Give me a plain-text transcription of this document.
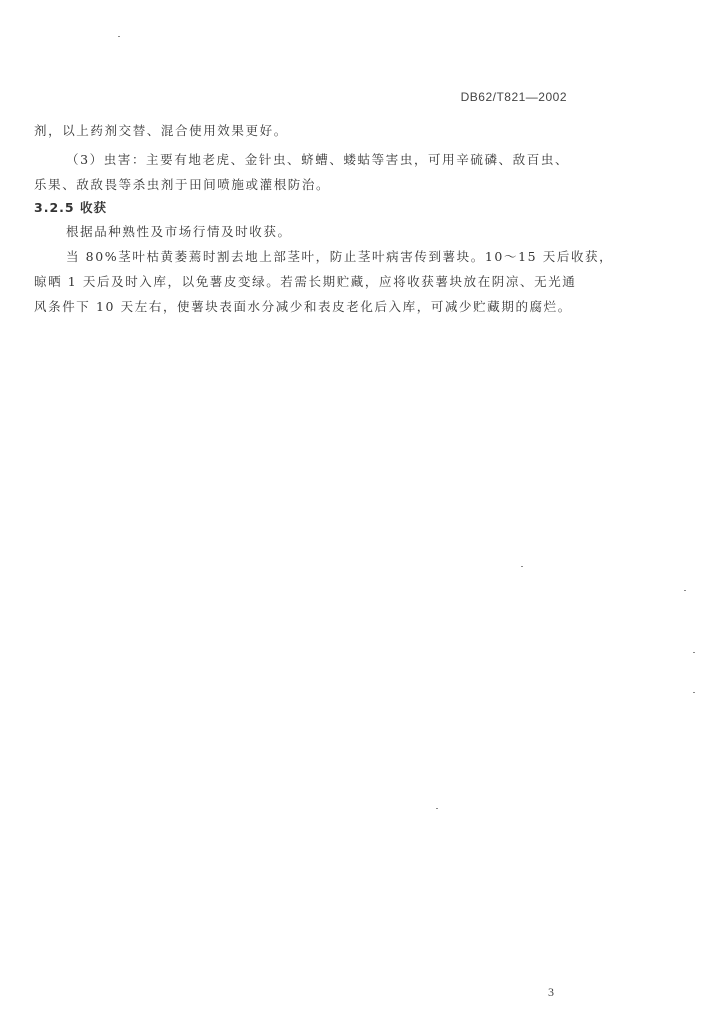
DB62/T821—2002
剂，以上药剂交替、混合使用效果更好。
（3）虫害：主要有地老虎、金针虫、蛴螬、蝼蛄等害虫，可用辛硫磷、敌百虫、
乐果、敌敌畏等杀虫剂于田间喷施或灌根防治。
3.2.5 收获
根据品种熟性及市场行情及时收获。
当 80%茎叶枯黄萎蔫时割去地上部茎叶，防止茎叶病害传到薯块。10～15 天后收获，
晾晒 1 天后及时入库，以免薯皮变绿。若需长期贮藏，应将收获薯块放在阴凉、无光通
风条件下 10 天左右，使薯块表面水分减少和表皮老化后入库，可减少贮藏期的腐烂。
3
